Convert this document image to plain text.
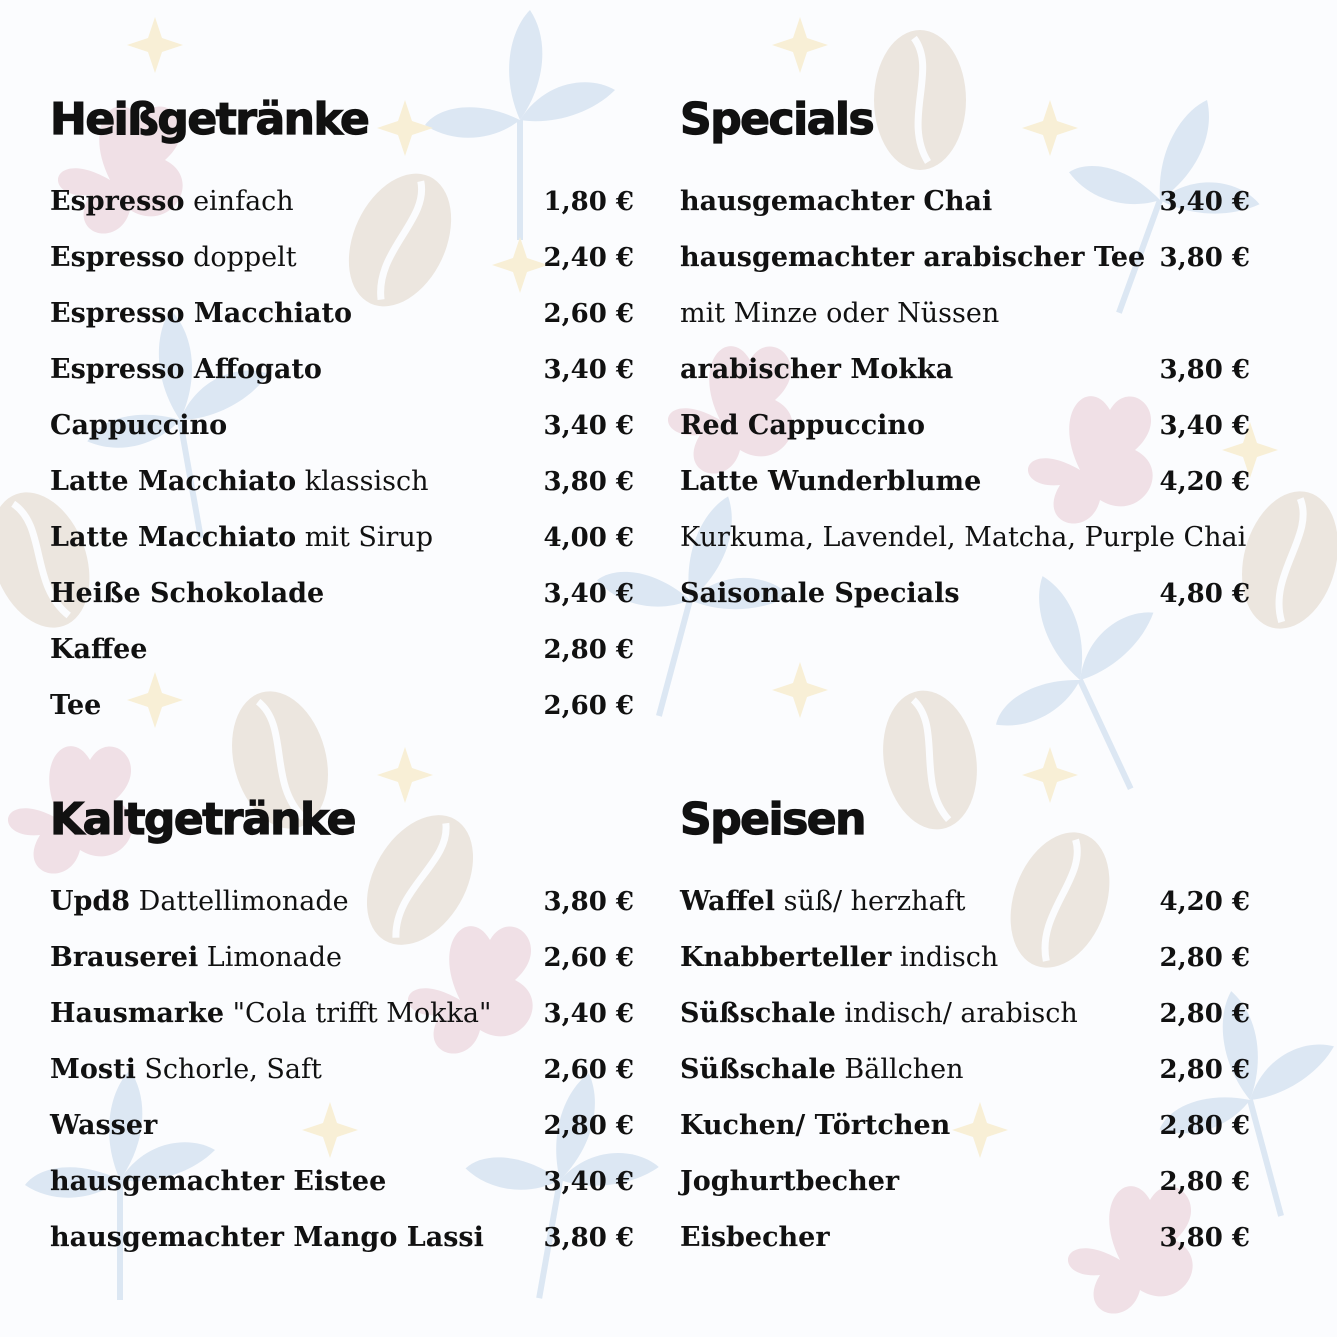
Heißgetränke
Espresso einfach	1,80 €
Espresso doppelt	2,40 €
Espresso Macchiato	2,60 €
Espresso Affogato	3,40 €
Cappuccino	3,40 €
Latte Macchiato klassisch	3,80 €
Latte Macchiato mit Sirup	4,00 €
Heiße Schokolade	3,40 €
Kaffee	2,80 €
Tee	2,60 €
Specials
hausgemachter Chai	3,40 €
hausgemachter arabischer Tee 3,80 €
mit Minze oder Nüssen
arabischer Mokka	3,80 €
Red Cappuccino	3,40 €
Latte Wunderblume	4,20 €
Kurkuma, Lavendel, Matcha, Purple Chai
Saisonale Specials	4,80 €
Kaltgetränke
Upd8 Dattellimonade	3,80 €
Brauserei Limonade	2,60 €
Hausmarke "Cola trifft Mokka" 3,40 €
Mosti Schorle, Saft	2,60 €
Wasser	2,80 €
hausgemachter Eistee	3,40 €
hausgemachter Mango Lassi 3,80 €
Speisen
Waffel süß/ herzhaft	4,20 €
Knabberteller indisch	2,80 €
Süßschale indisch/ arabisch	2,80 €
Süßschale Bällchen	2,80 €
Kuchen/ Törtchen	2,80 €
Joghurtbecher	2,80 €
Eisbecher	3,80 €
